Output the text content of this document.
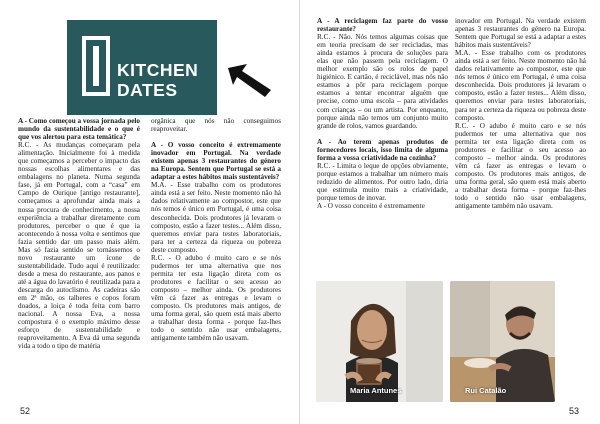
KITCHEN
DATES

A - Como começou a vossa jornada pelo mundo da sustentabilidade e o que é que vos alertou para esta temática?

R.C. - As mudanças começaram pela alimentação. Inicialmente foi à medida que começamos a perceber o impacto das nossas escolhas alimentares e das embalagens no planeta. Numa segunda fase, já em Portugal, com a “casa” em Campo de Ourique [antigo restaurante], começamos a aprofundar ainda mais a nossa procura de conhecimento, a nossa experiência a trabalhar diretamente com produtores, perceber o que é que ia acontecendo à nossa volta e sentimos que fazia sentido dar um passo mais além. Mas só fazia sentido se tornássemos o novo restaurante um ícone de sustentabilidade. Tudo aqui é reutilizado: desde a mesa do restaurante, aos panos e até a água do lavatório é reutilizada para a descarga do autoclismo. As cadeiras são em 2ª mão, os talheres e copos foram doados, a loiça é toda feita com barro nacional. A nossa Eva, a nossa compostura é o exemplo máximo desse esforço de sustentabilidade e reaproveitamento. A Eva dá uma segunda vida a todo o tipo de matéria

orgânica que nós não conseguimos reaproveitar.

A - O vosso conceito é extremamente inovador em Portugal. Na verdade existem apenas 3 restaurantes do género na Europa. Sentem que Portugal se está a adaptar a estes hábitos mais sustentáveis?

M.A. - Esse trabalho com os produtores ainda está a ser feito. Neste momento não há dados relativamente ao compostor, este que nós temos é único em Portugal, é uma coisa desconhecida. Dois produtores já levaram o composto, estão a fazer testes... Além disso, queremos enviar para testes laboratoriais, para ter a certeza da riqueza ou pobreza deste composto.

R.C. - O adubo é muito caro e se nós pudermos ter uma alternativa que nos permita ter esta ligação direta com os produtores e facilitar o seu acesso ao composto – melhor ainda. Os produtores vêm cá fazer as entregas e levam o composto. Os produtores mais antigos, de uma forma geral, são quem está mais aberto a trabalhar desta forma - porque faz-lhes todo o sentido não usar embalagens, antigamente também não usavam.

52

A - A reciclagem faz parte do vosso restaurante?

R.C. - Não. Nós temos algumas coisas que em teoria precisam de ser recicladas, mas ainda estamos à procura de soluções para elas que não passem pela reciclagem. O melhor exemplo são os rolos de papel higiénico. E cartão, é reciclável, mas nós não estamos a pôr para reciclagem porque estamos a tentar encontrar alguém que precise, como uma escola – para atividades com crianças – ou um artista. Por enquanto, porque ainda não temos um conjunto muito grande de rolos, vamos guardando.

A - Ao terem apenas produtos de fornecedores locais, isso limita de alguma forma a vossa criatividade na cozinha?

R.C. - Limita o leque de opções obviamente, porque estamos a trabalhar um número mais reduzido de alimentos. Por outro lado, diria que estimula muito mais a criatividade, porque temos de inovar.

A - O vosso conceito é extremamente

inovador em Portugal. Na verdade existem apenas 3 restaurantes do género na Europa. Sentem que Portugal se está a adaptar a estes hábitos mais sustentáveis?

M.A. - Esse trabalho com os produtores ainda está a ser feito. Neste momento não há dados relativamente ao compostor, este que nós temos é único em Portugal, é uma coisa desconhecida. Dois produtores já levaram o composto, estão a fazer testes... Além disso, queremos enviar para testes laboratoriais, para ter a certeza da riqueza ou pobreza deste composto.

R.C. - O adubo é muito caro e se nós pudermos ter uma alternativa que nos permita ter esta ligação direta com os produtores e facilitar o seu acesso ao composto – melhor ainda. Os produtores vêm cá fazer as entregas e levam o composto. Os produtores mais antigos, de uma forma geral, são quem está mais aberto a trabalhar desta forma - porque faz-lhes todo o sentido não usar embalagens, antigamente também não usavam.

Maria Antunes	Rui Catalão
53
